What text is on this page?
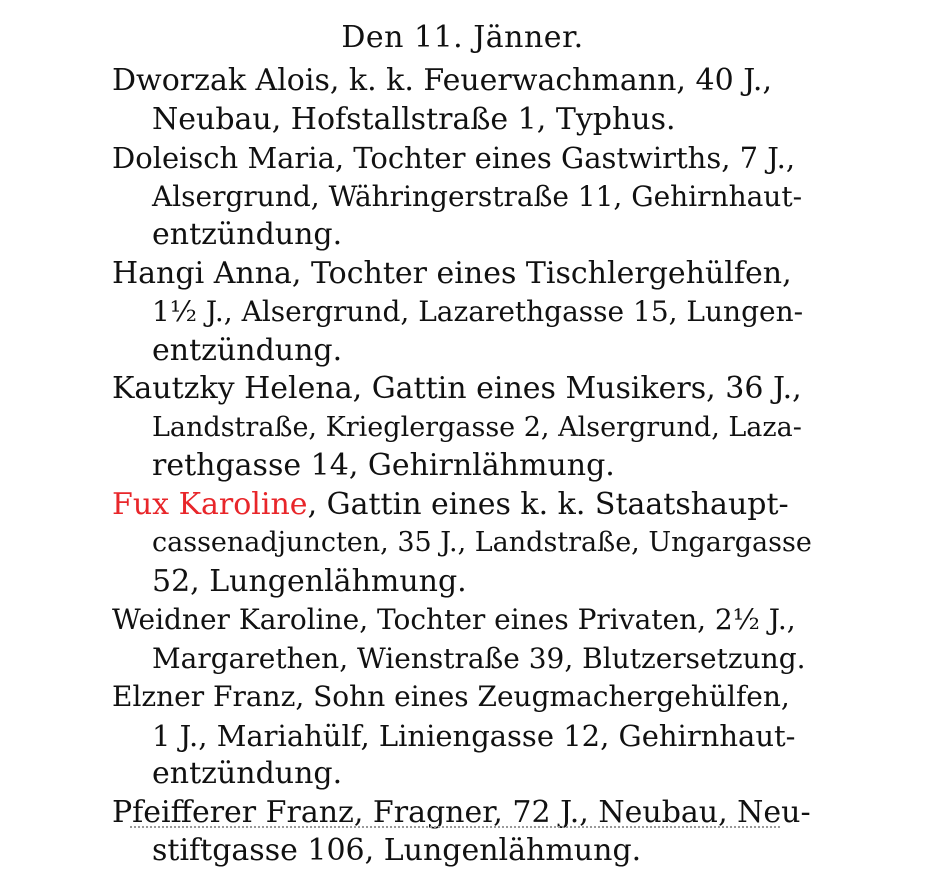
Den 11. Jänner.

Dworzak Alois, k. k. Feuerwachmann, 40 J.,
Neubau, Hofstallstraße 1, Typhus.

Doleisch Maria, Tochter eines Gastwirths, 7 J.,
Alsergrund, Währingerstraße 11, Gehirnhaut-
entzündung.

Hangi Anna, Tochter eines Tischlergehülfen,
1½ J., Alsergrund, Lazarethgasse 15, Lungen-
entzündung.

Kautzky Helena, Gattin eines Musikers, 36 J.,
Landstraße, Krieglergasse 2, Alsergrund, Laza-
rethgasse 14, Gehirnlähmung.

Fux Karoline, Gattin eines k. k. Staatshaupt-
cassenadjuncten, 35 J., Landstraße, Ungargasse
52, Lungenlähmung.

Weidner Karoline, Tochter eines Privaten, 2½ J.,
Margarethen, Wienstraße 39, Blutzersetzung.

Elzner Franz, Sohn eines Zeugmachergehülfen,
1 J., Mariahülf, Liniengasse 12, Gehirnhaut-
entzündung.

Pfeifferer Franz, Fragner, 72 J., Neubau, Neu-
stiftgasse 106, Lungenlähmung.
